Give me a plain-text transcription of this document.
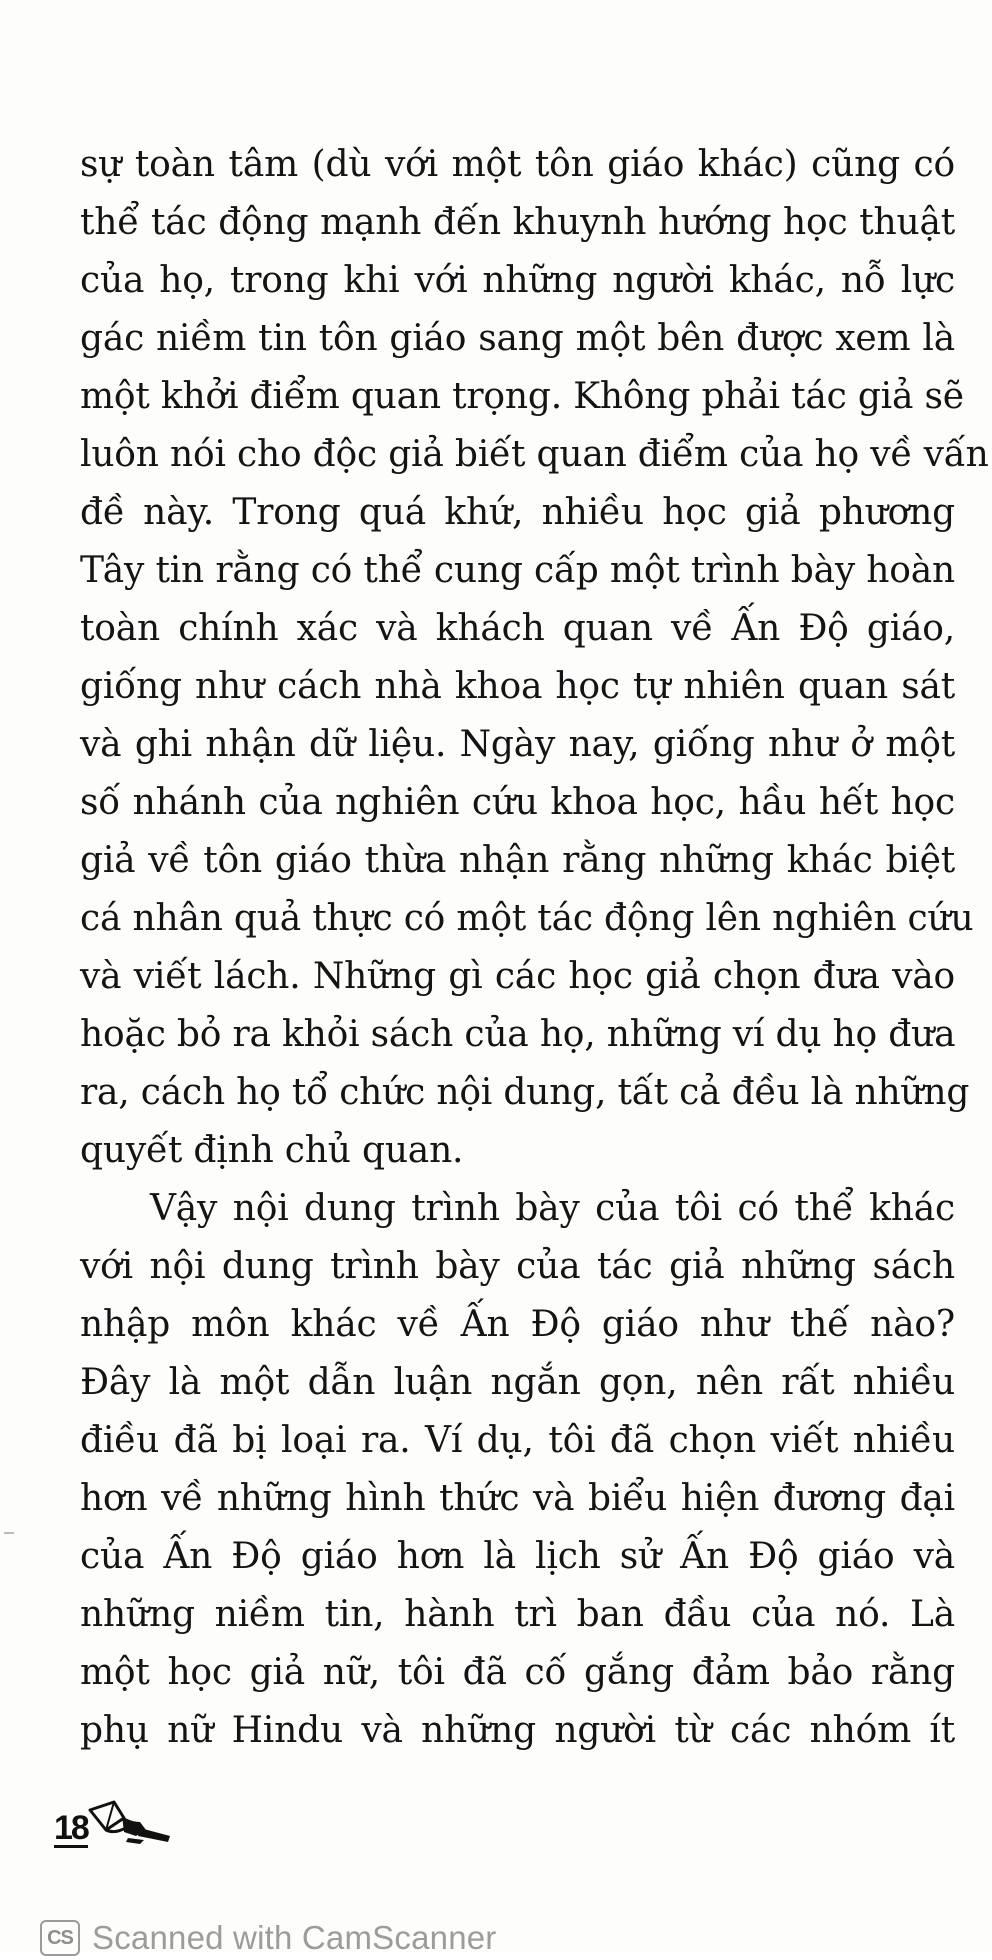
sự toàn tâm (dù với một tôn giáo khác) cũng có
thể tác động mạnh đến khuynh hướng học thuật
của họ, trong khi với những người khác, nỗ lực
gác niềm tin tôn giáo sang một bên được xem là
một khởi điểm quan trọng. Không phải tác giả sẽ
luôn nói cho độc giả biết quan điểm của họ về vấn
đề này. Trong quá khứ, nhiều học giả phương
Tây tin rằng có thể cung cấp một trình bày hoàn
toàn chính xác và khách quan về Ấn Độ giáo,
giống như cách nhà khoa học tự nhiên quan sát
và ghi nhận dữ liệu. Ngày nay, giống như ở một
số nhánh của nghiên cứu khoa học, hầu hết học
giả về tôn giáo thừa nhận rằng những khác biệt
cá nhân quả thực có một tác động lên nghiên cứu
và viết lách. Những gì các học giả chọn đưa vào
hoặc bỏ ra khỏi sách của họ, những ví dụ họ đưa
ra, cách họ tổ chức nội dung, tất cả đều là những
quyết định chủ quan.
Vậy nội dung trình bày của tôi có thể khác
với nội dung trình bày của tác giả những sách
nhập môn khác về Ấn Độ giáo như thế nào?
Đây là một dẫn luận ngắn gọn, nên rất nhiều
điều đã bị loại ra. Ví dụ, tôi đã chọn viết nhiều
hơn về những hình thức và biểu hiện đương đại
của Ấn Độ giáo hơn là lịch sử Ấn Độ giáo và
những niềm tin, hành trì ban đầu của nó. Là
một học giả nữ, tôi đã cố gắng đảm bảo rằng
phụ nữ Hindu và những người từ các nhóm ít
18
CS Scanned with CamScanner
